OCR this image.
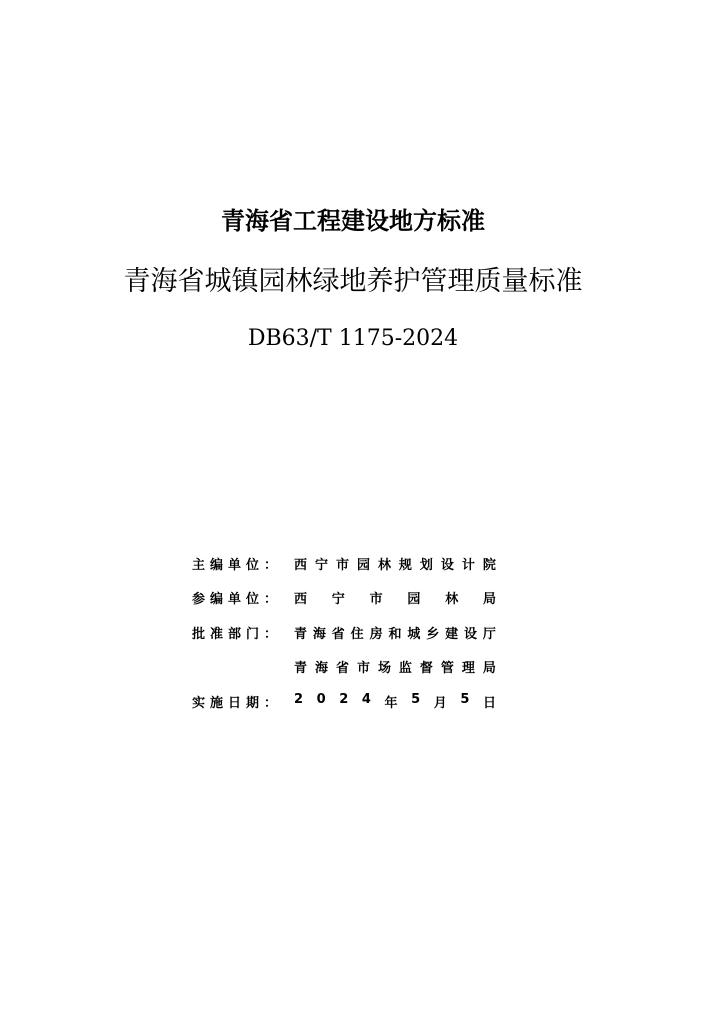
青海省工程建设地方标准
青海省城镇园林绿地养护管理质量标准
DB63/T 1175-2024
主编单位： 西 宁 市 园 林 规 划 设 计 院
参编单位： 西 宁 市 园 林 局
批准部门： 青 海 省 住 房 和 城 乡 建 设 厅
青 海 省 市 场 监 督 管 理 局
实施日期： 2 0 2 4 年 5 月 5 日
